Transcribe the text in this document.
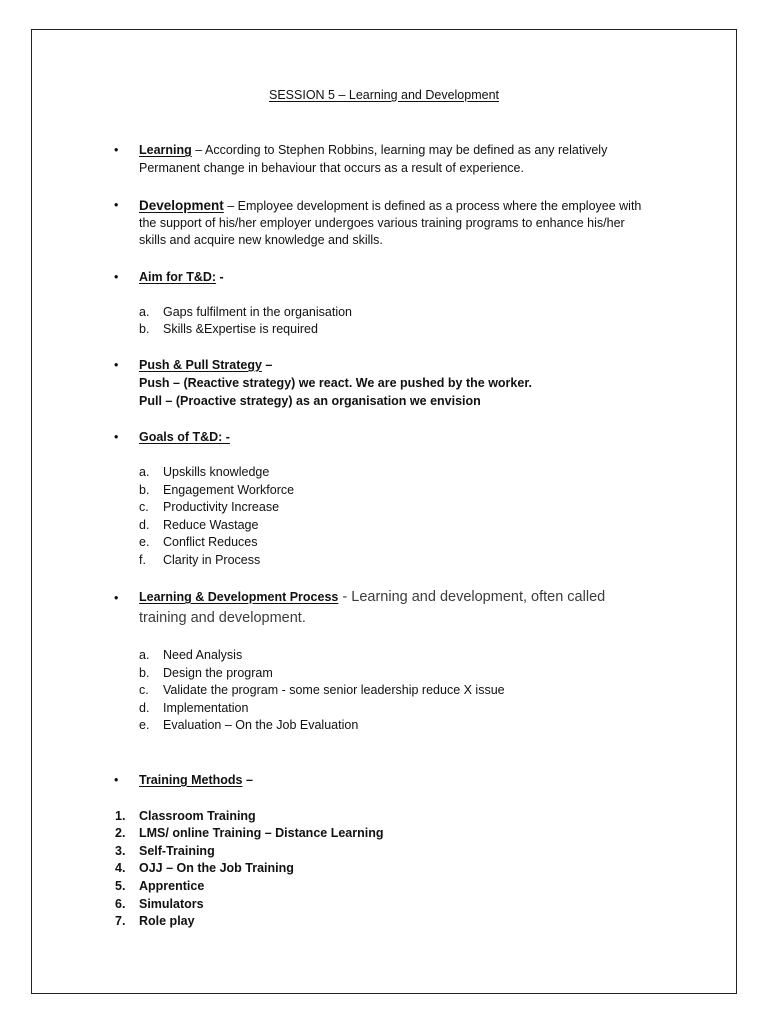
SESSION 5 – Learning and Development
• Learning – According to Stephen Robbins, learning may be defined as any relatively
Permanent change in behaviour that occurs as a result of experience.
• Development – Employee development is defined as a process where the employee with
the support of his/her employer undergoes various training programs to enhance his/her
skills and acquire new knowledge and skills.
• Aim for T&D: -
a. Gaps fulfilment in the organisation
b. Skills &Expertise is required
• Push & Pull Strategy –
Push – (Reactive strategy) we react. We are pushed by the worker.
Pull – (Proactive strategy) as an organisation we envision
• Goals of T&D: -
a. Upskills knowledge
b. Engagement Workforce
c. Productivity Increase
d. Reduce Wastage
e. Conflict Reduces
f. Clarity in Process
• Learning & Development Process - Learning and development, often called
training and development.
a. Need Analysis
b. Design the program
c. Validate the program - some senior leadership reduce X issue
d. Implementation
e. Evaluation – On the Job Evaluation
• Training Methods –
1. Classroom Training
2. LMS/ online Training – Distance Learning
3. Self-Training
4. OJJ – On the Job Training
5. Apprentice
6. Simulators
7. Role play
